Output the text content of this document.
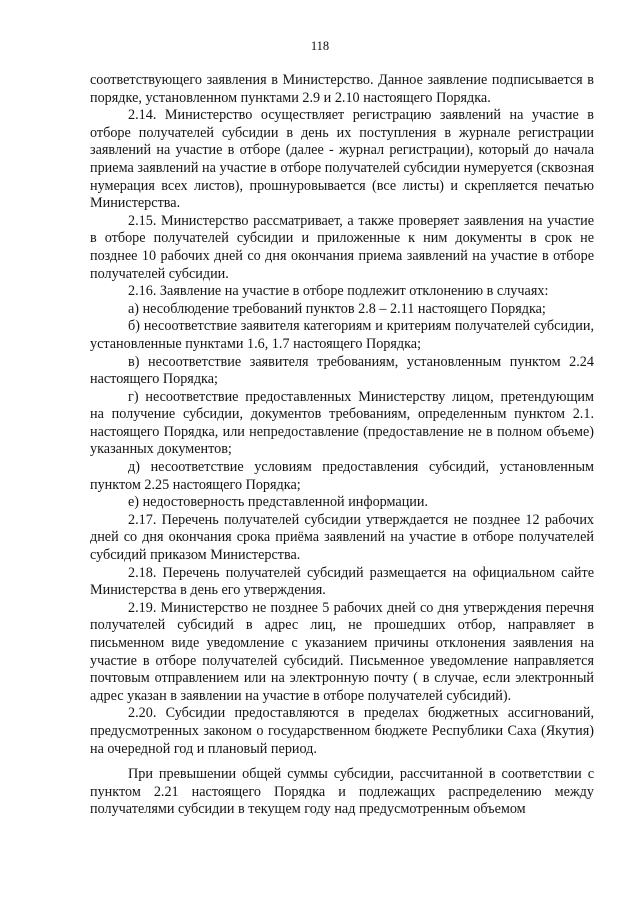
118

соответствующего заявления в Министерство. Данное заявление подписывается в порядке, установленном пунктами 2.9 и 2.10 настоящего Порядка.

2.14. Министерство осуществляет регистрацию заявлений на участие в отборе получателей субсидии в день их поступления в журнале регистрации заявлений на участие в отборе (далее - журнал регистрации), который до начала приема заявлений на участие в отборе получателей субсидии нумеруется (сквозная нумерация всех листов), прошнуровывается (все листы) и скрепляется печатью Министерства.

2.15. Министерство рассматривает, а также проверяет заявления на участие в отборе получателей субсидии и приложенные к ним документы в срок не позднее 10 рабочих дней со дня окончания приема заявлений на участие в отборе получателей субсидии.

2.16. Заявление на участие в отборе подлежит отклонению в случаях:

а) несоблюдение требований пунктов 2.8 – 2.11 настоящего Порядка;

б) несоответствие заявителя категориям и критериям получателей субсидии, установленные пунктами 1.6, 1.7 настоящего Порядка;

в) несоответствие заявителя требованиям, установленным пунктом 2.24 настоящего Порядка;

г) несоответствие предоставленных Министерству лицом, претендующим на получение субсидии, документов требованиям, определенным пунктом 2.1. настоящего Порядка, или непредоставление (предоставление не в полном объеме) указанных документов;

д) несоответствие условиям предоставления субсидий, установленным пунктом 2.25 настоящего Порядка;

е) недостоверность представленной информации.

2.17. Перечень получателей субсидии утверждается не позднее 12 рабочих дней со дня окончания срока приёма заявлений на участие в отборе получателей субсидий приказом Министерства.

2.18. Перечень получателей субсидий размещается на официальном сайте Министерства в день его утверждения.

2.19. Министерство не позднее 5 рабочих дней со дня утверждения перечня получателей субсидий в адрес лиц, не прошедших отбор, направляет в письменном виде уведомление с указанием причины отклонения заявления на участие в отборе получателей субсидий. Письменное уведомление направляется почтовым отправлением или на электронную почту ( в случае, если электронный адрес указан в заявлении на участие в отборе получателей субсидий).

2.20. Субсидии предоставляются в пределах бюджетных ассигнований, предусмотренных законом о государственном бюджете Республики Саха (Якутия) на очередной год и плановый период.

При превышении общей суммы субсидии, рассчитанной в соответствии с пунктом 2.21 настоящего Порядка и подлежащих распределению между получателями субсидии в текущем году над предусмотренным объемом
